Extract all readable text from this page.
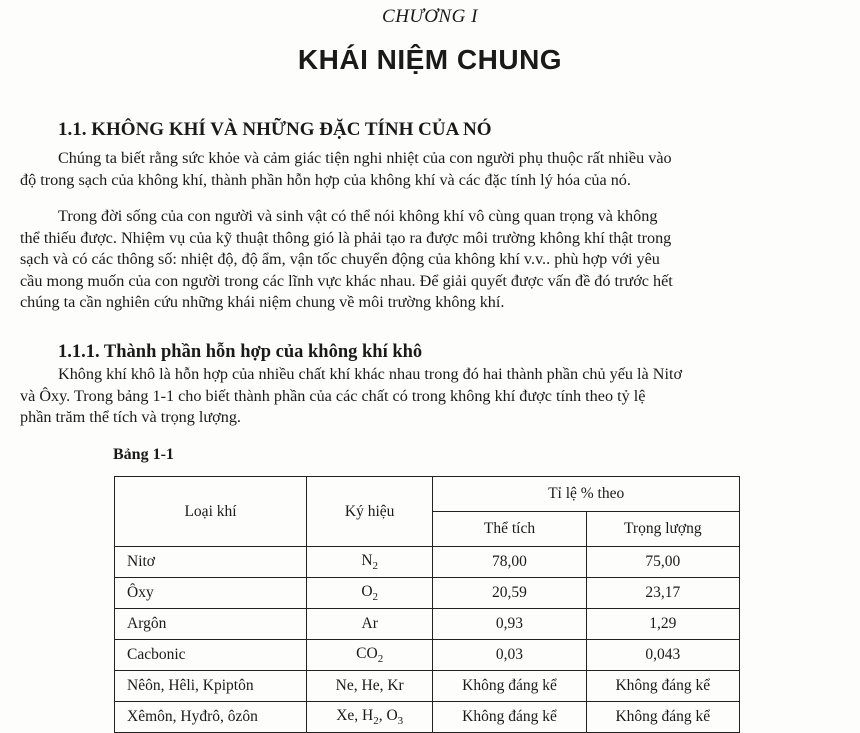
CHƯƠNG I
KHÁI NIỆM CHUNG
1.1. KHÔNG KHÍ VÀ NHỮNG ĐẶC TÍNH CỦA NÓ
Chúng ta biết rằng sức khỏe và cảm giác tiện nghi nhiệt của con người phụ thuộc rất nhiều vào
độ trong sạch của không khí, thành phần hỗn hợp của không khí và các đặc tính lý hóa của nó.
Trong đời sống của con người và sinh vật có thể nói không khí vô cùng quan trọng và không
thể thiếu được. Nhiệm vụ của kỹ thuật thông gió là phải tạo ra được môi trường không khí thật trong
sạch và có các thông số: nhiệt độ, độ ẩm, vận tốc chuyển động của không khí v.v.. phù hợp với yêu
cầu mong muốn của con người trong các lĩnh vực khác nhau. Để giải quyết được vấn đề đó trước hết
chúng ta cần nghiên cứu những khái niệm chung về môi trường không khí.
1.1.1. Thành phần hỗn hợp của không khí khô
Không khí khô là hỗn hợp của nhiều chất khí khác nhau trong đó hai thành phần chủ yếu là Nitơ
và Ôxy. Trong bảng 1-1 cho biết thành phần của các chất có trong không khí được tính theo tỷ lệ
phần trăm thể tích và trọng lượng.
Bảng 1-1
Loại khí	Ký hiệu	Tỉ lệ % theo	
		Thể tích	Trọng lượng
Nitơ	$N_2$	78,00	75,00
Ôxy	$O_2$	20,59	23,17
Argôn	Ar	0,93	1,29
Cacbonic	$CO_2$	0,03	0,043
Nêôn, Hêli, Kpiptôn	Ne, He, Kr	Không đáng kể	Không đáng kể
Xêmôn, Hyđrô, ôzôn	Xe, $H_2$, $O_3$	Không đáng kể	Không đáng kể
